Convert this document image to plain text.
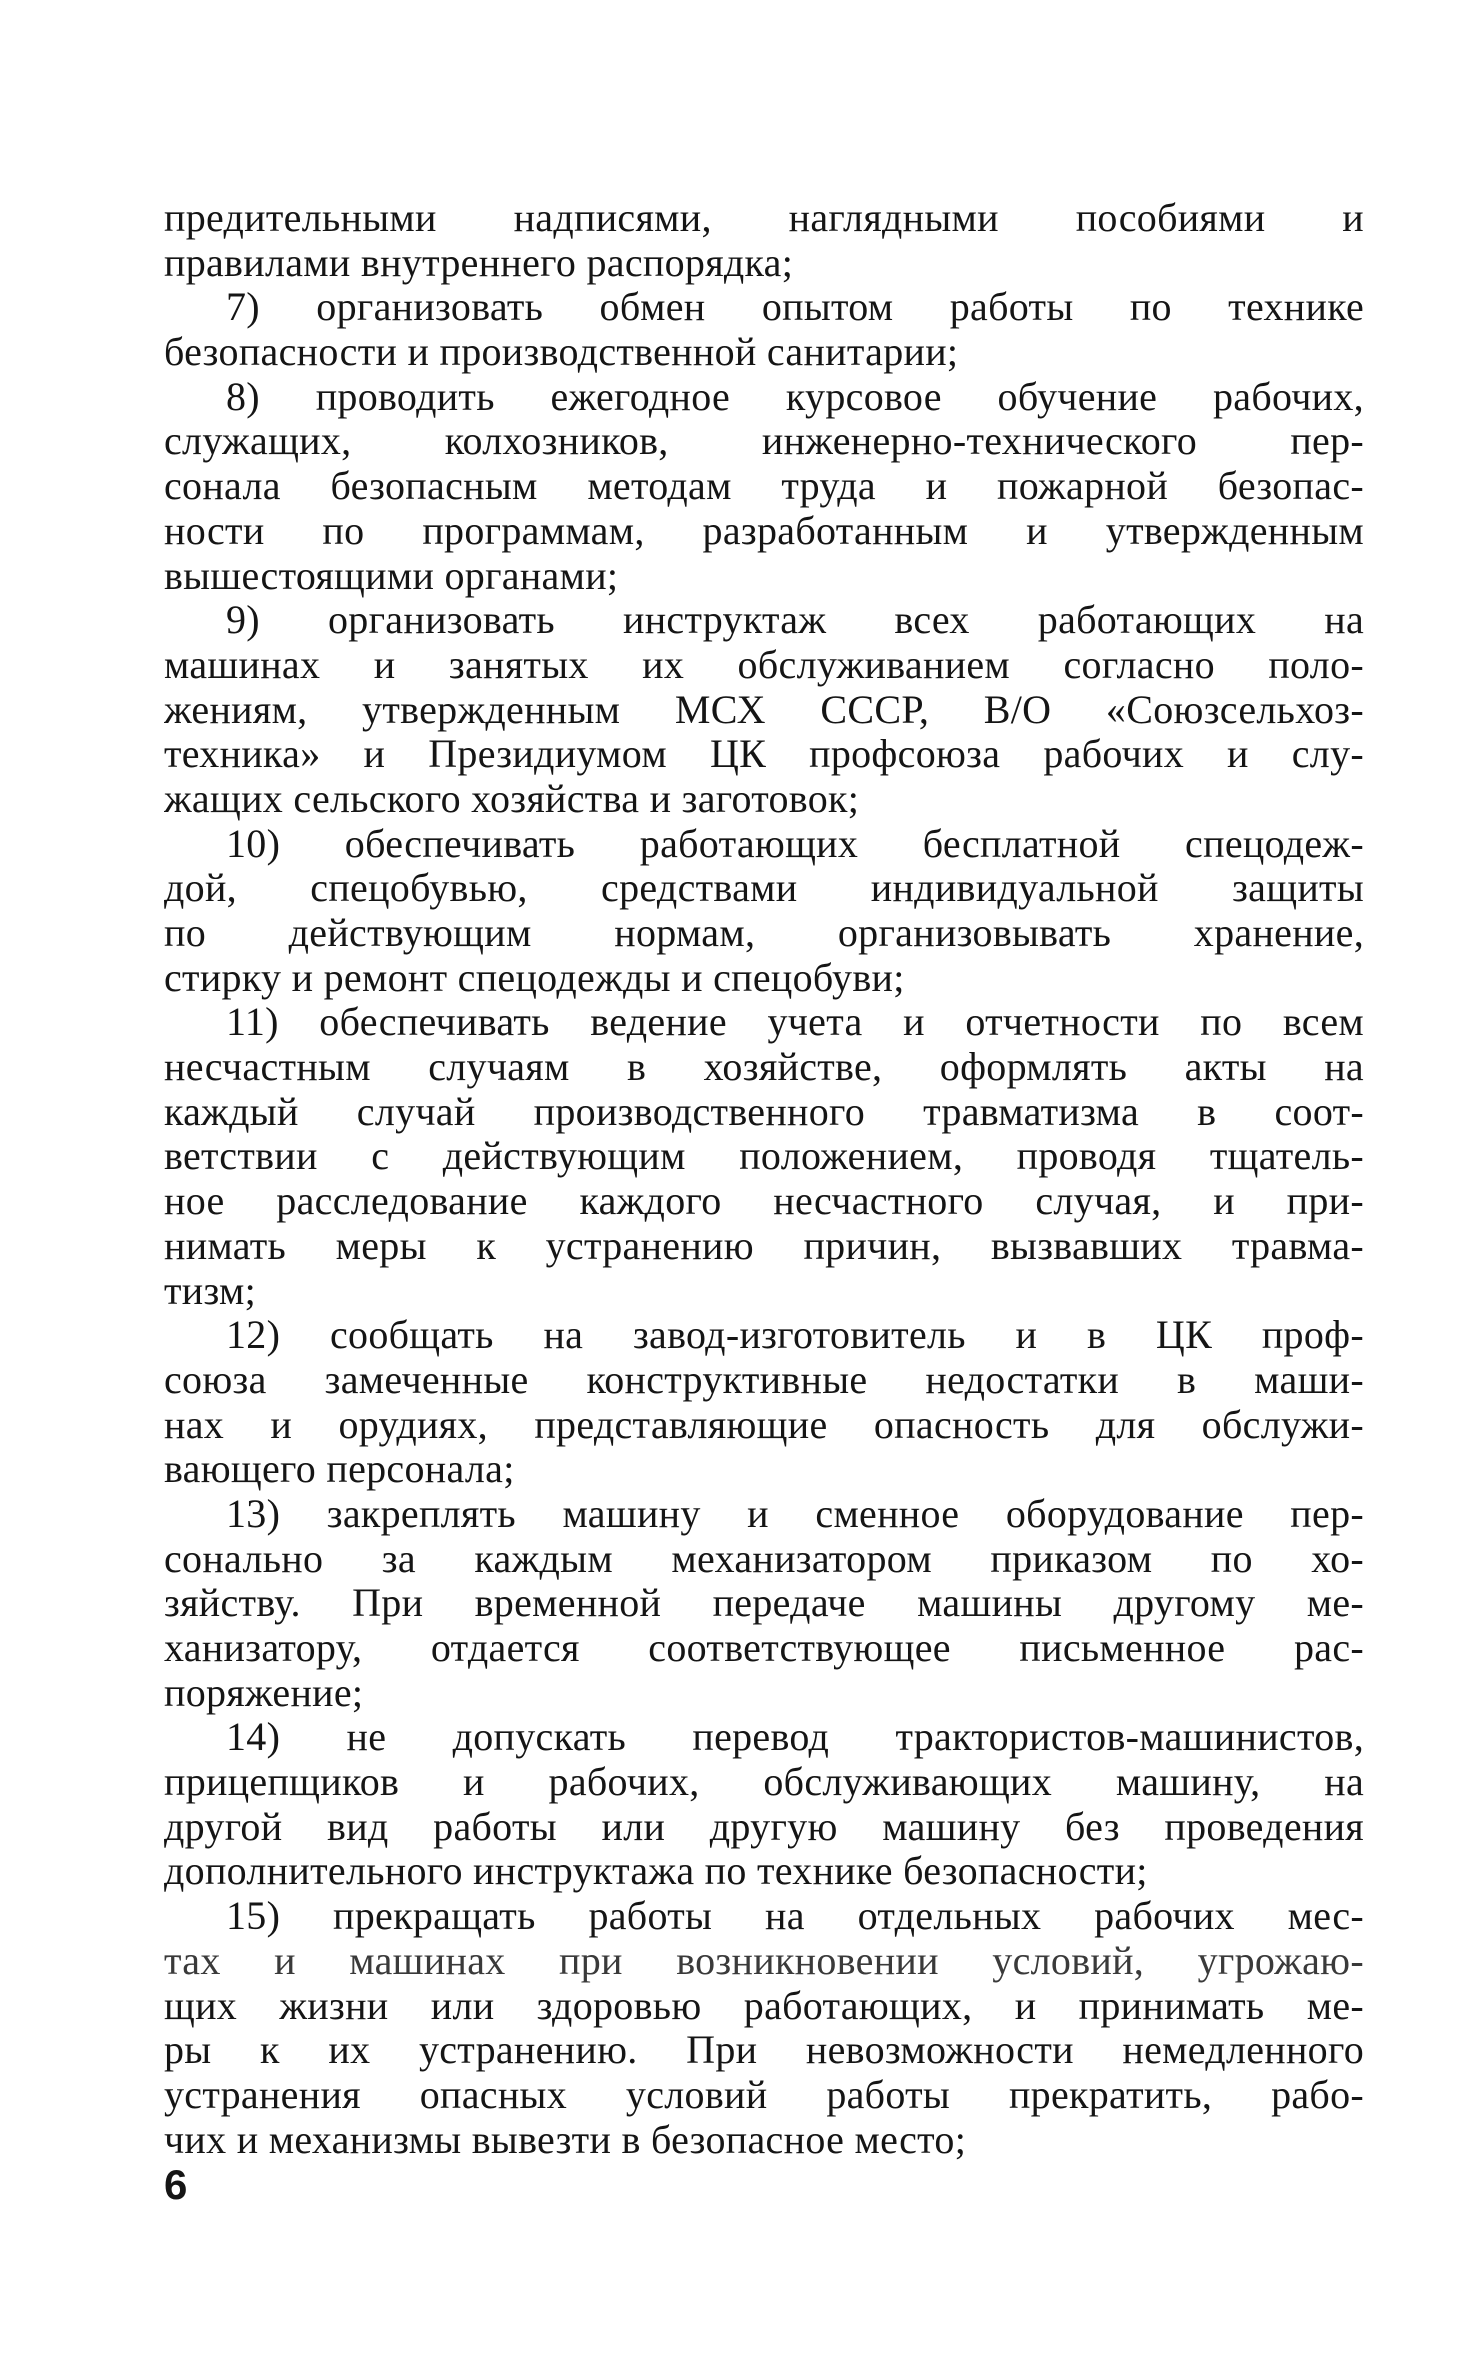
предительными надписями, наглядными пособиями и
правилами внутреннего распорядка;
7) организовать обмен опытом работы по технике
безопасности и производственной санитарии;
8) проводить ежегодное курсовое обучение рабочих,
служащих, колхозников, инженерно-технического пер-
сонала безопасным методам труда и пожарной безопас-
ности по программам, разработанным и утвержденным
вышестоящими органами;
9) организовать инструктаж всех работающих на
машинах и занятых их обслуживанием согласно поло-
жениям, утвержденным МСХ СССР, В/О «Союзсельхоз-
техника» и Президиумом ЦК профсоюза рабочих и слу-
жащих сельского хозяйства и заготовок;
10) обеспечивать работающих бесплатной спецодеж-
дой, спецобувью, средствами индивидуальной защиты
по действующим нормам, организовывать хранение,
стирку и ремонт спецодежды и спецобуви;
11) обеспечивать ведение учета и отчетности по всем
несчастным случаям в хозяйстве, оформлять акты на
каждый случай производственного травматизма в соот-
ветствии с действующим положением, проводя тщатель-
ное расследование каждого несчастного случая, и при-
нимать меры к устранению причин, вызвавших травма-
тизм;
12) сообщать на завод-изготовитель и в ЦК проф-
союза замеченные конструктивные недостатки в маши-
нах и орудиях, представляющие опасность для обслужи-
вающего персонала;
13) закреплять машину и сменное оборудование пер-
сонально за каждым механизатором приказом по хо-
зяйству. При временной передаче машины другому ме-
ханизатору, отдается соответствующее письменное рас-
поряжение;
14) не допускать перевод трактористов-машинистов,
прицепщиков и рабочих, обслуживающих машину, на
другой вид работы или другую машину без проведения
дополнительного инструктажа по технике безопасности;
15) прекращать работы на отдельных рабочих мес-
тах и машинах при возникновении условий, угрожаю-
щих жизни или здоровью работающих, и принимать ме-
ры к их устранению. При невозможности немедленного
устранения опасных условий работы прекратить, рабо-
чих и механизмы вывезти в безопасное место;
6
